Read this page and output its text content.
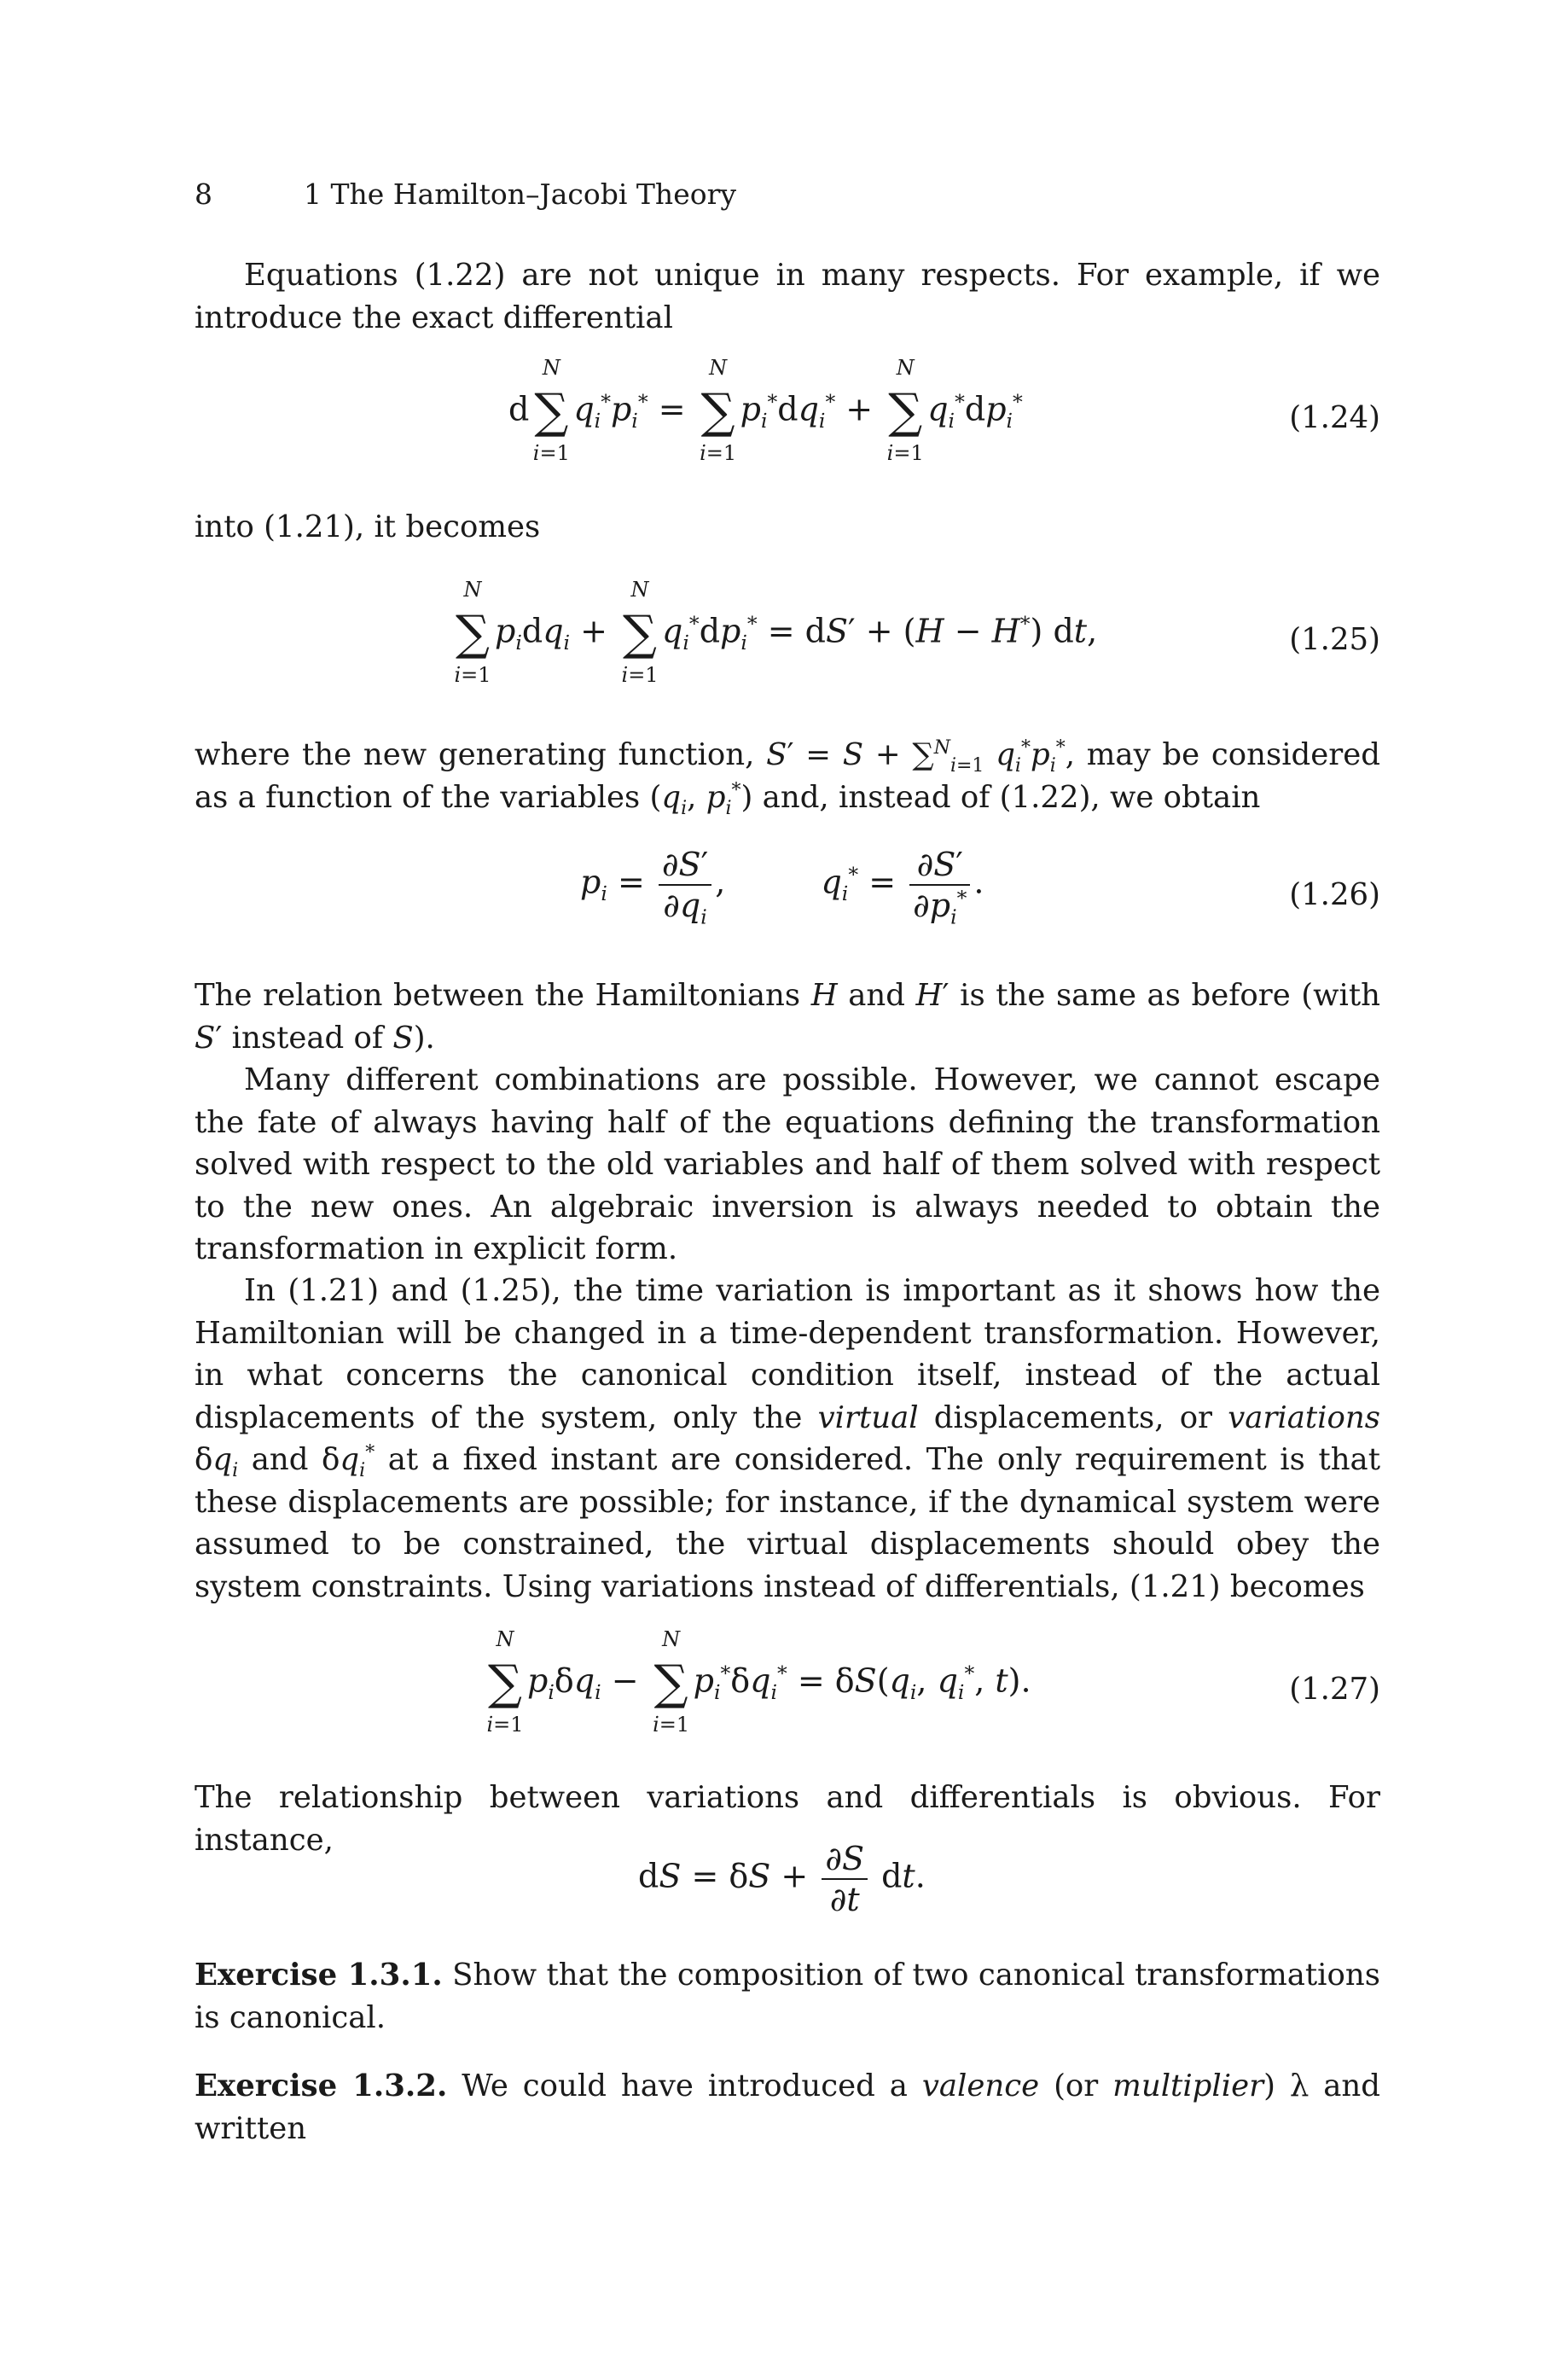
8	1 The Hamilton–Jacobi Theory
Equations (1.22) are not unique in many respects. For example, if we introduce the exact differential
d
N
∑
i=1
$q_i^*p_i^*$ =
N
∑
i=1
$p_i^*dq_i^*$ +
N
∑
i=1
$q_i^*dp_i^*$	(1.24)
into (1.21), it becomes
N
∑
i=1
$p_idq_i$ +
N
∑
i=1
$q_i^*dp_i^* = dS' + (H - H^*)$ dt,	(1.25)
where the new generating function, S′ = S + ∑$^N_{i=1}$ $q_i^*p_i^*$, may be considered as a function of the variables ($q_i$, $p_i^*$) and, instead of (1.22), we obtain
$p_i = \frac{\partial S'}{\partial q_i}$ ,	$q_i^* = \frac{\partial S'}{\partial p_i^*}$ .	(1.26)
The relation between the Hamiltonians H and H′ is the same as before (with S′ instead of S).
Many different combinations are possible. However, we cannot escape the fate of always having half of the equations defining the transformation solved with respect to the old variables and half of them solved with respect to the new ones. An algebraic inversion is always needed to obtain the transformation in explicit form.
In (1.21) and (1.25), the time variation is important as it shows how the Hamiltonian will be changed in a time-dependent transformation. However, in what concerns the canonical condition itself, instead of the actual displacements of the system, only the virtual displacements, or variations $\delta q_i$ and $\delta q_i^*$ at a fixed instant are considered. The only requirement is that these displacements are possible; for instance, if the dynamical system were assumed to be constrained, the virtual displacements should obey the system constraints. Using variations instead of differentials, (1.21) becomes
N
∑
i=1
$p_i\delta q_i$ −
N
∑
i=1
$p_i^*\delta q_i^* = \delta S(q_i$, $q_i^*$, t).	(1.27)
The relationship between variations and differentials is obvious. For instance,
dS = $\delta S + \frac{\partial S}{\partial t}$ dt.
Exercise 1.3.1. Show that the composition of two canonical transformations is canonical.
Exercise 1.3.2. We could have introduced a valence (or multiplier) λ and written
